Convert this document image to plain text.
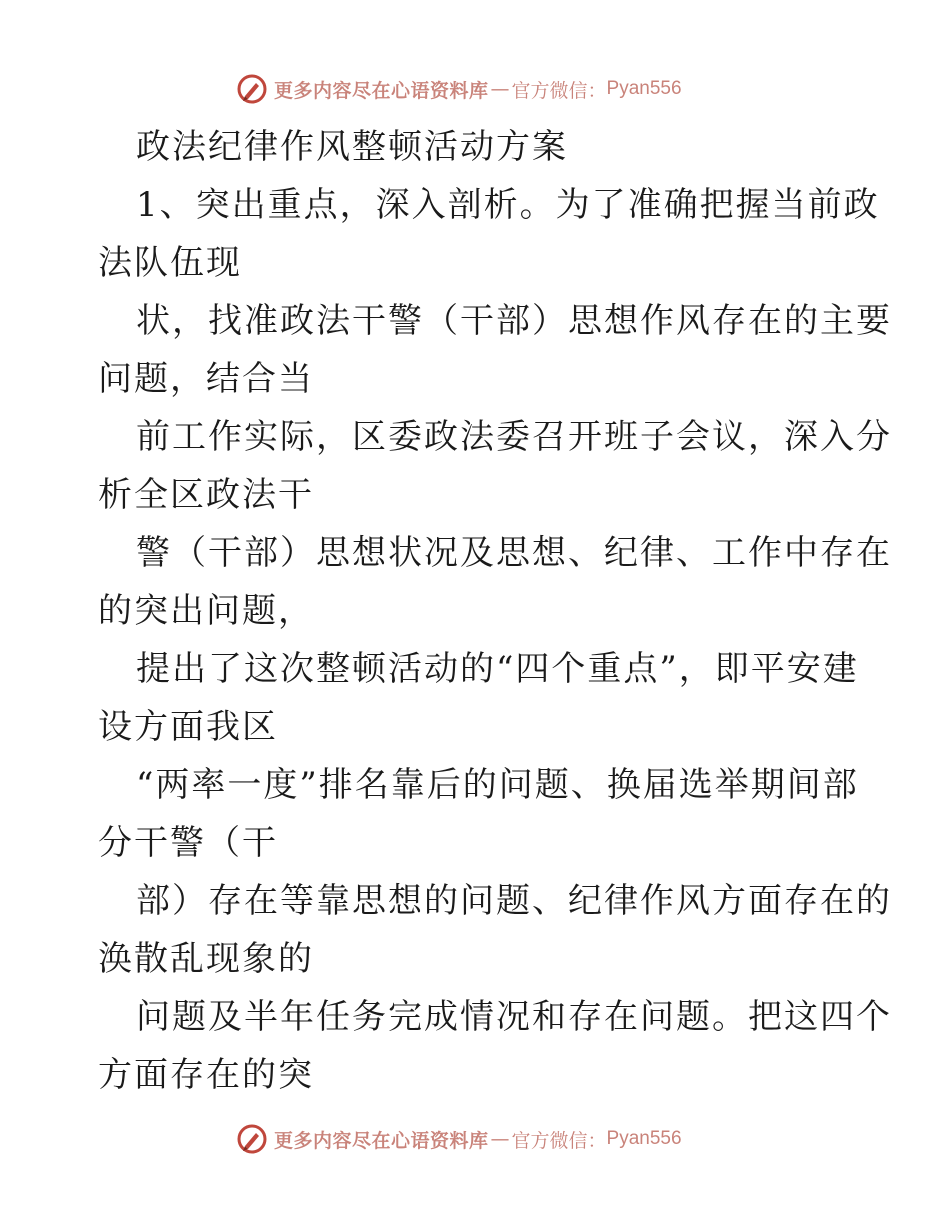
更多内容尽在心语资料库 — 官方微信： Pyan556
政法纪律作风整顿活动方案
1、突出重点，深入剖析。为了准确把握当前政
法队伍现
状，找准政法干警（干部）思想作风存在的主要
问题，结合当
前工作实际，区委政法委召开班子会议，深入分
析全区政法干
警（干部）思想状况及思想、纪律、工作中存在
的突出问题，
提出了这次整顿活动的“四个重点”，即平安建
设方面我区
“两率一度”排名靠后的问题、换届选举期间部
分干警（干
部）存在等靠思想的问题、纪律作风方面存在的
涣散乱现象的
问题及半年任务完成情况和存在问题。把这四个
方面存在的突
更多内容尽在心语资料库 — 官方微信： Pyan556
